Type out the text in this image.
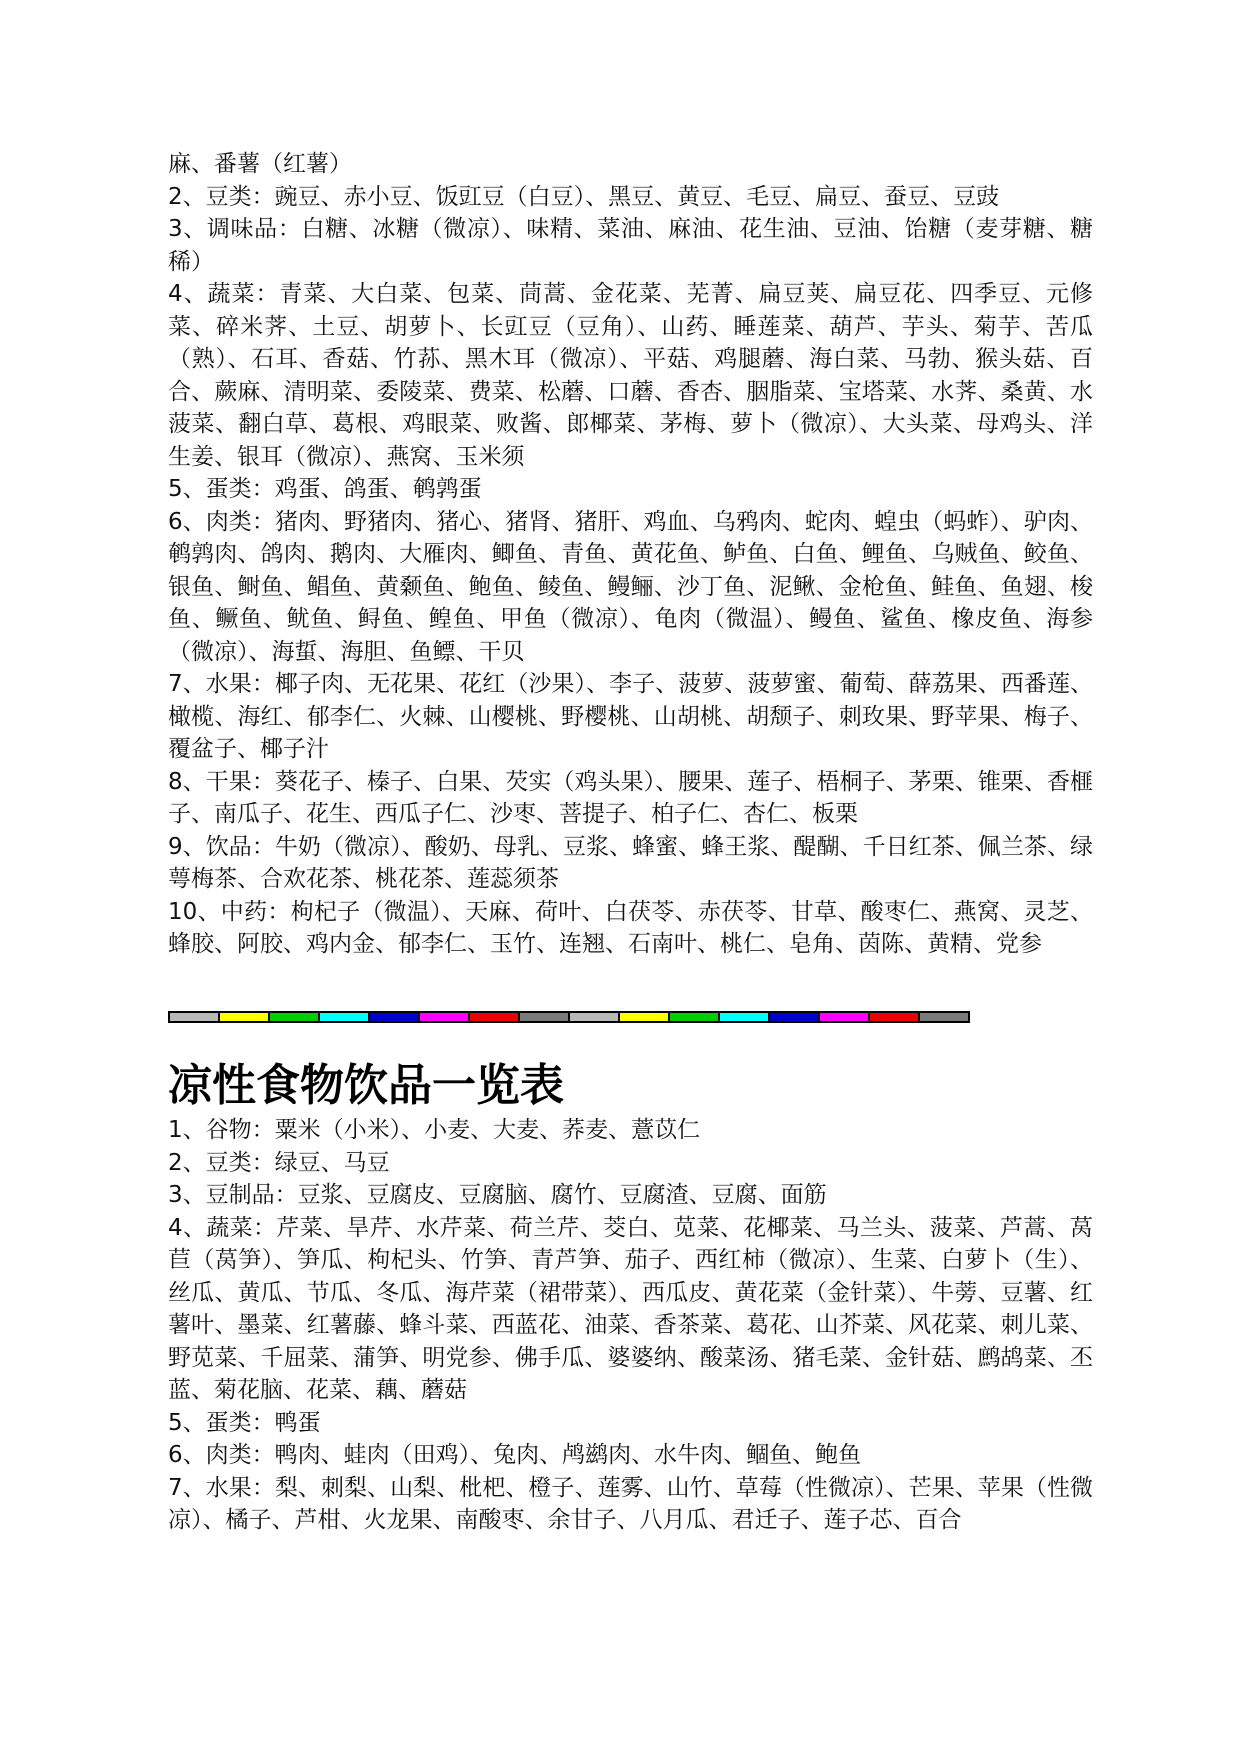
麻、番薯（红薯）

2、豆类：豌豆、赤小豆、饭豇豆（白豆）、黑豆、黄豆、毛豆、扁豆、蚕豆、豆豉

3、调味品：白糖、冰糖（微凉）、味精、菜油、麻油、花生油、豆油、饴糖（麦芽糖、糖稀）

4、蔬菜：青菜、大白菜、包菜、茼蒿、金花菜、芜菁、扁豆荚、扁豆花、四季豆、元修菜、碎米荠、土豆、胡萝卜、长豇豆（豆角）、山药、睡莲菜、葫芦、芋头、菊芋、苦瓜（熟）、石耳、香菇、竹荪、黑木耳（微凉）、平菇、鸡腿蘑、海白菜、马勃、猴头菇、百合、蕨麻、清明菜、委陵菜、费菜、松蘑、口蘑、香杏、胭脂菜、宝塔菜、水荠、桑黄、水菠菜、翻白草、葛根、鸡眼菜、败酱、郎椰菜、茅梅、萝卜（微凉）、大头菜、母鸡头、洋生姜、银耳（微凉）、燕窝、玉米须

5、蛋类：鸡蛋、鸽蛋、鹌鹑蛋

6、肉类：猪肉、野猪肉、猪心、猪肾、猪肝、鸡血、乌鸦肉、蛇肉、蝗虫（蚂蚱）、驴肉、鹌鹑肉、鸽肉、鹅肉、大雁肉、鲫鱼、青鱼、黄花鱼、鲈鱼、白鱼、鲤鱼、乌贼鱼、鲛鱼、银鱼、鲥鱼、鲳鱼、黄颡鱼、鲍鱼、鲮鱼、鳗鲡、沙丁鱼、泥鳅、金枪鱼、鲑鱼、鱼翅、梭鱼、鳜鱼、鱿鱼、鲟鱼、鳇鱼、甲鱼（微凉）、龟肉（微温）、鳗鱼、鲨鱼、橡皮鱼、海参（微凉）、海蜇、海胆、鱼鳔、干贝

7、水果：椰子肉、无花果、花红（沙果）、李子、菠萝、菠萝蜜、葡萄、薛荔果、西番莲、橄榄、海红、郁李仁、火棘、山樱桃、野樱桃、山胡桃、胡颓子、刺玫果、野苹果、梅子、覆盆子、椰子汁

8、干果：葵花子、榛子、白果、芡实（鸡头果）、腰果、莲子、梧桐子、茅栗、锥栗、香榧子、南瓜子、花生、西瓜子仁、沙枣、菩提子、柏子仁、杏仁、板栗

9、饮品：牛奶（微凉）、酸奶、母乳、豆浆、蜂蜜、蜂王浆、醍醐、千日红茶、佩兰茶、绿萼梅茶、合欢花茶、桃花茶、莲蕊须茶

10、中药：枸杞子（微温）、天麻、荷叶、白茯苓、赤茯苓、甘草、酸枣仁、燕窝、灵芝、蜂胶、阿胶、鸡内金、郁李仁、玉竹、连翘、石南叶、桃仁、皂角、茵陈、黄精、党参

凉性食物饮品一览表

1、谷物：粟米（小米）、小麦、大麦、荞麦、薏苡仁

2、豆类：绿豆、马豆

3、豆制品：豆浆、豆腐皮、豆腐脑、腐竹、豆腐渣、豆腐、面筋

4、蔬菜：芹菜、旱芹、水芹菜、荷兰芹、茭白、苋菜、花椰菜、马兰头、菠菜、芦蒿、莴苣（莴笋）、笋瓜、枸杞头、竹笋、青芦笋、茄子、西红柿（微凉）、生菜、白萝卜（生）、丝瓜、黄瓜、节瓜、冬瓜、海芹菜（裙带菜）、西瓜皮、黄花菜（金针菜）、牛蒡、豆薯、红薯叶、墨菜、红薯藤、蜂斗菜、西蓝花、油菜、香茶菜、葛花、山芥菜、风花菜、刺儿菜、野苋菜、千屈菜、蒲笋、明党参、佛手瓜、婆婆纳、酸菜汤、猪毛菜、金针菇、鹧鸪菜、丕蓝、菊花脑、花菜、藕、蘑菇

5、蛋类：鸭蛋

6、肉类：鸭肉、蛙肉（田鸡）、兔肉、鸬鹚肉、水牛肉、鲴鱼、鲍鱼

7、水果：梨、刺梨、山梨、枇杷、橙子、莲雾、山竹、草莓（性微凉）、芒果、苹果（性微凉）、橘子、芦柑、火龙果、南酸枣、余甘子、八月瓜、君迁子、莲子芯、百合
